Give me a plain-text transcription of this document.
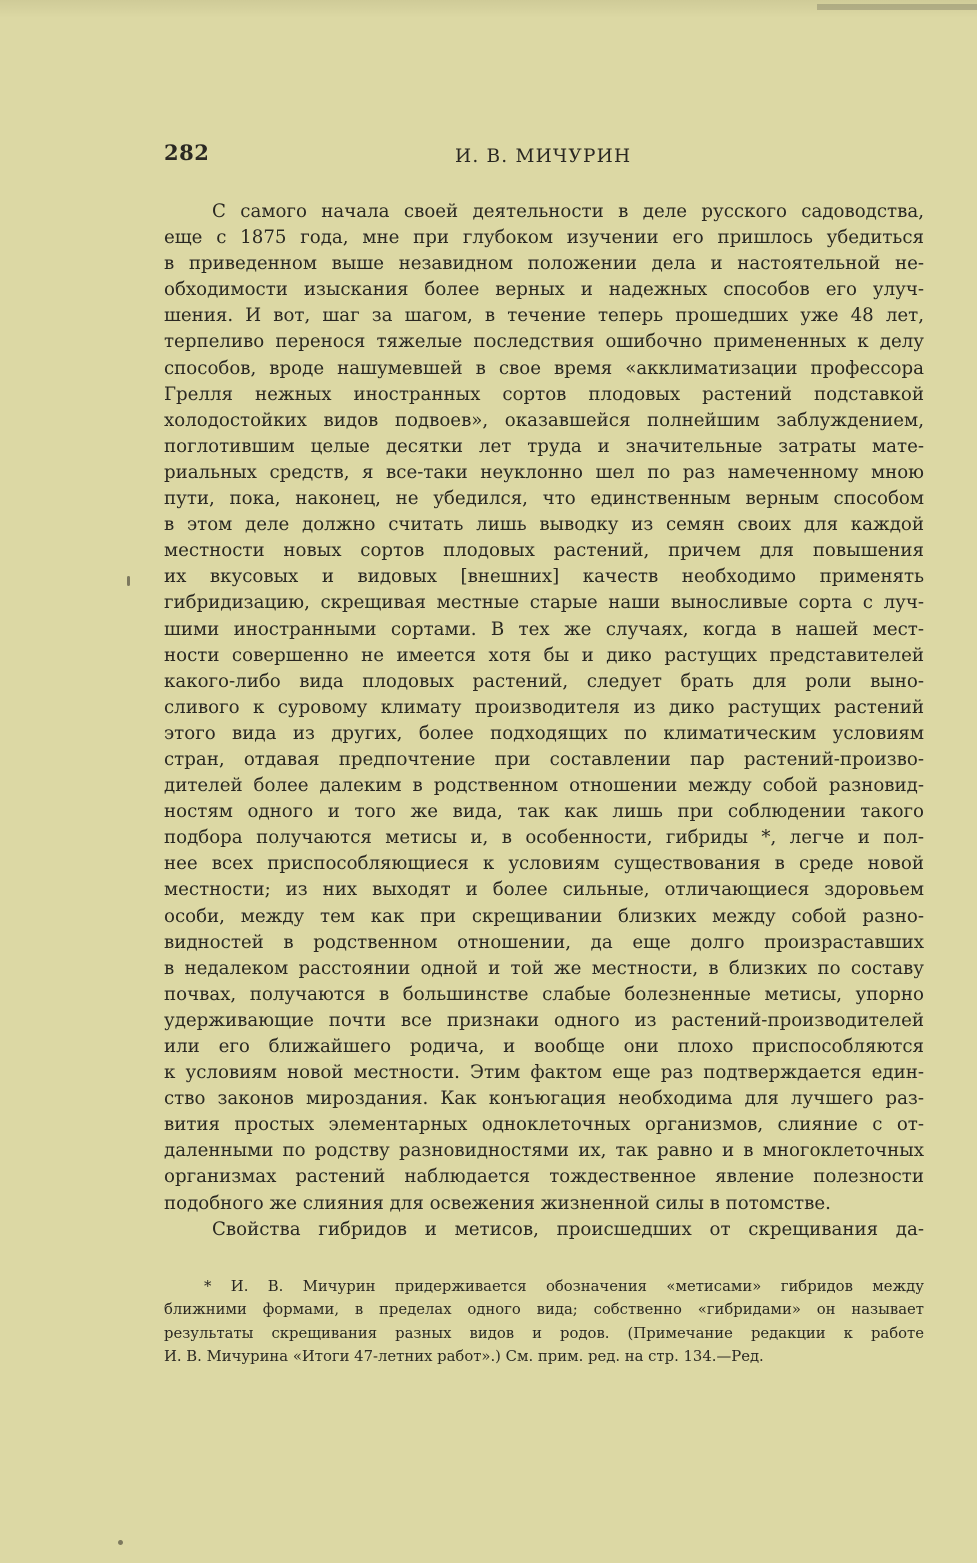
282	И. В. МИЧУРИН
С самого начала своей деятельности в деле русского садоводства,
еще с 1875 года, мне при глубоком изучении его пришлось убедиться
в приведенном выше незавидном положении дела и настоятельной не-
обходимости изыскания более верных и надежных способов его улуч-
шения. И вот, шаг за шагом, в течение теперь прошедших уже 48 лет,
терпеливо перенося тяжелые последствия ошибочно примененных к делу
способов, вроде нашумевшей в свое время «акклиматизации профессора
Грелля нежных иностранных сортов плодовых растений подставкой
холодостойких видов подвоев», оказавшейся полнейшим заблуждением,
поглотившим целые десятки лет труда и значительные затраты мате-
риальных средств, я все-таки неуклонно шел по раз намеченному мною
пути, пока, наконец, не убедился, что единственным верным способом
в этом деле должно считать лишь выводку из семян своих для каждой
местности новых сортов плодовых растений, причем для повышения
их вкусовых и видовых [внешних] качеств необходимо применять
гибридизацию, скрещивая местные старые наши выносливые сорта с луч-
шими иностранными сортами. В тех же случаях, когда в нашей мест-
ности совершенно не имеется хотя бы и дико растущих представителей
какого-либо вида плодовых растений, следует брать для роли выно-
сливого к суровому климату производителя из дико растущих растений
этого вида из других, более подходящих по климатическим условиям
стран, отдавая предпочтение при составлении пар растений-произво-
дителей более далеким в родственном отношении между собой разновид-
ностям одного и того же вида, так как лишь при соблюдении такого
подбора получаются метисы и, в особенности, гибриды *, легче и пол-
нее всех приспособляющиеся к условиям существования в среде новой
местности; из них выходят и более сильные, отличающиеся здоровьем
особи, между тем как при скрещивании близких между собой разно-
видностей в родственном отношении, да еще долго произраставших
в недалеком расстоянии одной и той же местности, в близких по составу
почвах, получаются в большинстве слабые болезненные метисы, упорно
удерживающие почти все признаки одного из растений-производителей
или его ближайшего родича, и вообще они плохо приспособляются
к условиям новой местности. Этим фактом еще раз подтверждается един-
ство законов мироздания. Как конъюгация необходима для лучшего раз-
вития простых элементарных одноклеточных организмов, слияние с от-
даленными по родству разновидностями их, так равно и в многоклеточных
организмах растений наблюдается тождественное явление полезности
подобного же слияния для освежения жизненной силы в потомстве.
Свойства гибридов и метисов, происшедших от скрещивания да-
* И. В. Мичурин придерживается обозначения «метисами» гибридов между
ближними формами, в пределах одного вида; собственно «гибридами» он называет
результаты скрещивания разных видов и родов. (Примечание редакции к работе
И. В. Мичурина «Итоги 47-летних работ».) См. прим. ред. на стр. 134.—Ред.
